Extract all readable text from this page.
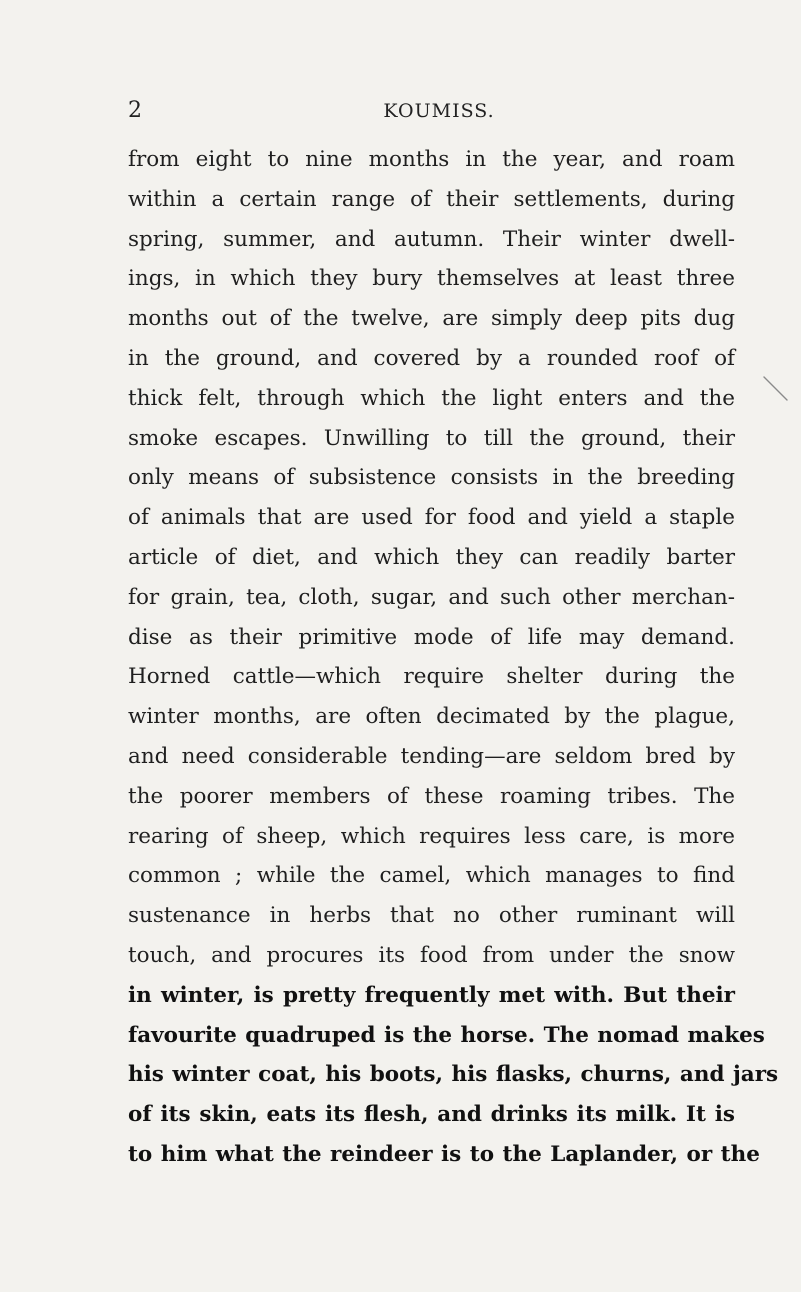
2	KOUMISS.
from eight to nine months in the year, and roam
within a certain range of their settlements, during
spring, summer, and autumn. Their winter dwell-
ings, in which they bury themselves at least three
months out of the twelve, are simply deep pits dug
in the ground, and covered by a rounded roof of
thick felt, through which the light enters and the
smoke escapes. Unwilling to till the ground, their
only means of subsistence consists in the breeding
of animals that are used for food and yield a staple
article of diet, and which they can readily barter
for grain, tea, cloth, sugar, and such other merchan-
dise as their primitive mode of life may demand.
Horned cattle—which require shelter during the
winter months, are often decimated by the plague,
and need considerable tending—are seldom bred by
the poorer members of these roaming tribes. The
rearing of sheep, which requires less care, is more
common ; while the camel, which manages to find
sustenance in herbs that no other ruminant will
touch, and procures its food from under the snow
in winter, is pretty frequently met with. But their
favourite quadruped is the horse. The nomad makes
his winter coat, his boots, his flasks, churns, and jars
of its skin, eats its flesh, and drinks its milk. It is
to him what the reindeer is to the Laplander, or the
